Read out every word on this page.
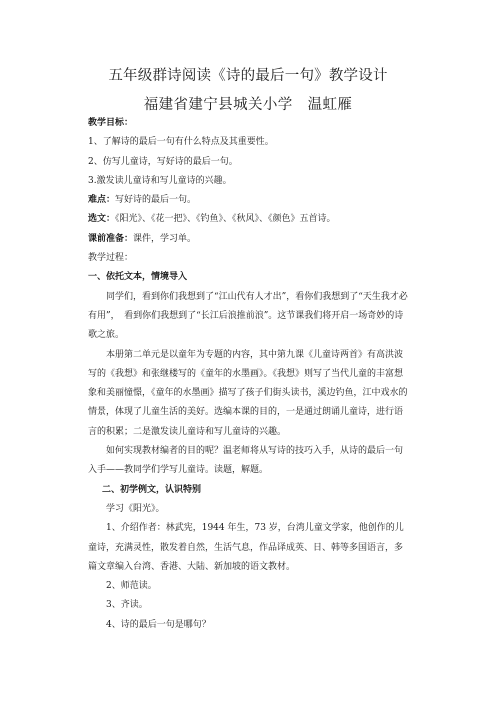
五年级群诗阅读《诗的最后一句》教学设计
福建省建宁县城关小学　温虹雁

教学目标：

1、了解诗的最后一句有什么特点及其重要性。

2、仿写儿童诗，写好诗的最后一句。

3.激发读儿童诗和写儿童诗的兴趣。

难点：写好诗的最后一句。

选文：《阳光》、《花一把》、《钓鱼》、《秋风》、《颜色》五首诗。

课前准备：课件，学习单。

教学过程：

一、依托文本，情境导入

同学们，看到你们我想到了“江山代有人才出”，看你们我想到了“天生我才必有用”，　看到你们我想到了“长江后浪推前浪”。这节课我们将开启一场奇妙的诗歌之旅。

本册第二单元是以童年为专题的内容，其中第九课《儿童诗两首》有高洪波写的《我想》和张继楼写的《童年的水墨画》。《我想》则写了当代儿童的丰富想象和美丽憧憬，《童年的水墨画》描写了孩子们街头读书，溪边钓鱼，江中戏水的情景，体现了儿童生活的美好。选编本课的目的，一是通过朗诵儿童诗，进行语言的积累；二是激发读儿童诗和写儿童诗的兴趣。

如何实现教材编者的目的呢？温老师将从写诗的技巧入手，从诗的最后一句入手——教同学们学写儿童诗。读题，解题。

二、初学例文，认识特别

学习《阳光》。

1、介绍作者：林武宪，1944 年生，73 岁，台湾儿童文学家，他创作的儿童诗，充满灵性，散发着自然，生活气息，作品译成英、日、韩等多国语言，多篇文章编入台湾、香港、大陆、新加坡的语文教材。

2、师范读。

3、齐读。

4、诗的最后一句是哪句？
